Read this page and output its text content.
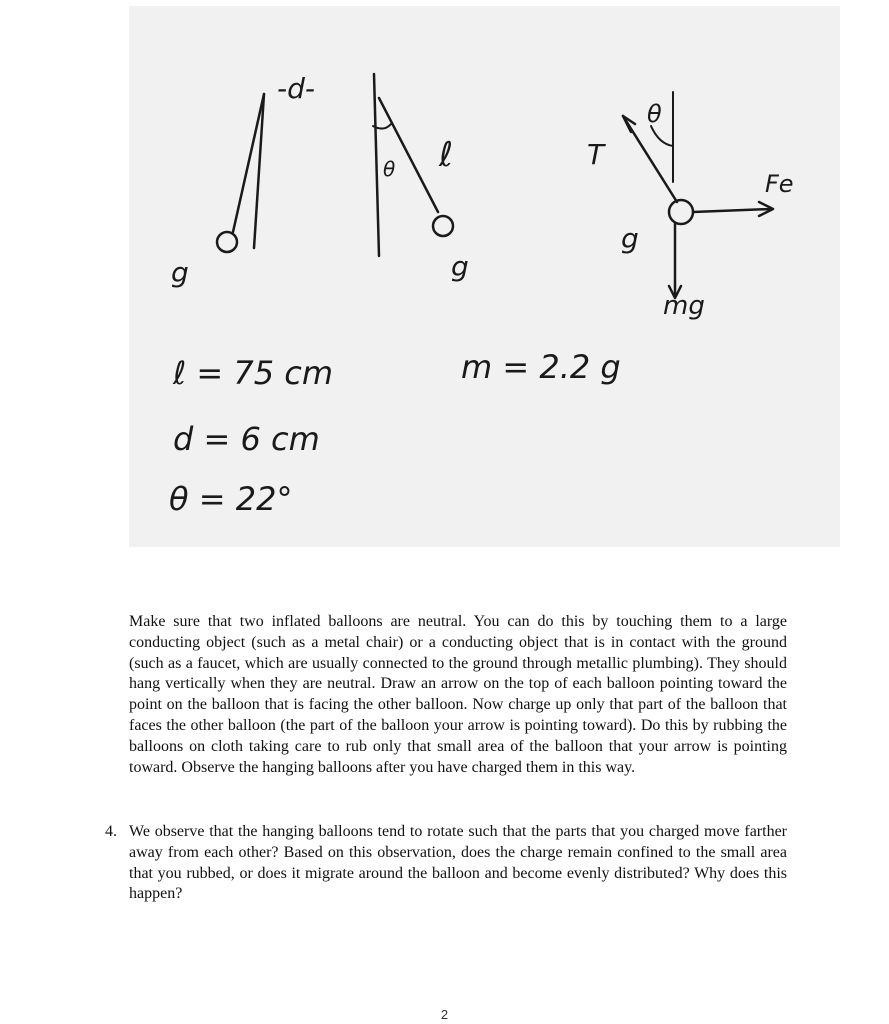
-d-
θ ℓ
g	g
T
θ
Fe
g
mg
ℓ = 75 cm
d = 6 cm
θ = 22°
m = 2.2 g

Make sure that two inflated balloons are neutral. You can do this by touching them to a large conducting object (such as a metal chair) or a conducting object that is in contact with the ground (such as a faucet, which are usually connected to the ground through metallic plumbing). They should hang vertically when they are neutral. Draw an arrow on the top of each balloon pointing toward the point on the balloon that is facing the other balloon. Now charge up only that part of the balloon that faces the other balloon (the part of the balloon your arrow is pointing toward). Do this by rubbing the balloons on cloth taking care to rub only that small area of the balloon that your arrow is pointing toward. Observe the hanging balloons after you have charged them in this way.

4. We observe that the hanging balloons tend to rotate such that the parts that you charged move farther away from each other? Based on this observation, does the charge remain confined to the small area that you rubbed, or does it migrate around the balloon and become evenly distributed? Why does this happen?

2
